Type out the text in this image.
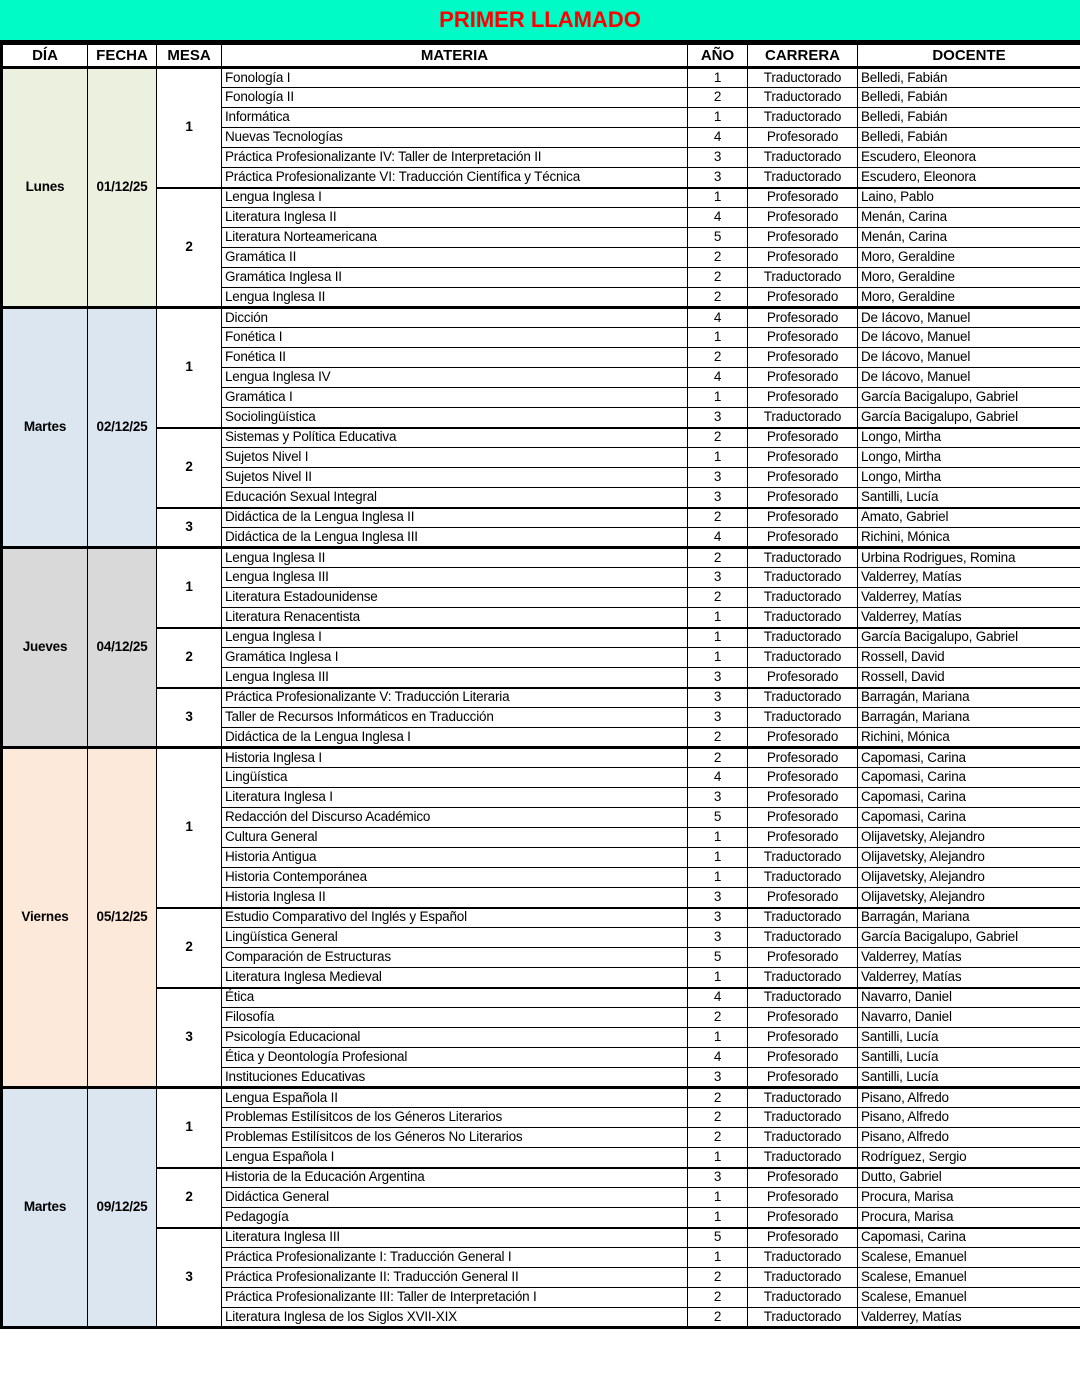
PRIMER LLAMADO
DÍA	FECHA	MESA	MATERIA	AÑO	CARRERA	DOCENTE
Lunes	01/12/25	1	Fonología I	1	Traductorado	Belledi, Fabián
			Fonología II	2	Traductorado	Belledi, Fabián
			Informática	1	Traductorado	Belledi, Fabián
			Nuevas Tecnologías	4	Profesorado	Belledi, Fabián
			Práctica Profesionalizante IV: Taller de Interpretación II	3	Traductorado	Escudero, Eleonora
			Práctica Profesionalizante VI: Traducción Científica y Técnica	3	Traductorado	Escudero, Eleonora
		2	Lengua Inglesa I	1	Profesorado	Laino, Pablo
			Literatura Inglesa II	4	Profesorado	Menán, Carina
			Literatura Norteamericana	5	Profesorado	Menán, Carina
			Gramática II	2	Profesorado	Moro, Geraldine
			Gramática Inglesa II	2	Traductorado	Moro, Geraldine
			Lengua Inglesa II	2	Profesorado	Moro, Geraldine
Martes	02/12/25	1	Dicción	4	Profesorado	De Iácovo, Manuel
			Fonética I	1	Profesorado	De Iácovo, Manuel
			Fonética II	2	Profesorado	De Iácovo, Manuel
			Lengua Inglesa IV	4	Profesorado	De Iácovo, Manuel
			Gramática I	1	Profesorado	García Bacigalupo, Gabriel
			Sociolingüística	3	Traductorado	García Bacigalupo, Gabriel
		2	Sistemas y Política Educativa	2	Profesorado	Longo, Mirtha
			Sujetos Nivel I	1	Profesorado	Longo, Mirtha
			Sujetos Nivel II	3	Profesorado	Longo, Mirtha
			Educación Sexual Integral	3	Profesorado	Santilli, Lucía
		3	Didáctica de la Lengua Inglesa II	2	Profesorado	Amato, Gabriel
			Didáctica de la Lengua Inglesa III	4	Profesorado	Richini, Mónica
Jueves	04/12/25	1	Lengua Inglesa II	2	Traductorado	Urbina Rodrigues, Romina
			Lengua Inglesa III	3	Traductorado	Valderrey, Matías
			Literatura Estadounidense	2	Traductorado	Valderrey, Matías
			Literatura Renacentista	1	Traductorado	Valderrey, Matías
		2	Lengua Inglesa I	1	Traductorado	García Bacigalupo, Gabriel
			Gramática Inglesa I	1	Traductorado	Rossell, David
			Lengua Inglesa III	3	Profesorado	Rossell, David
		3	Práctica Profesionalizante V: Traducción Literaria	3	Traductorado	Barragán, Mariana
			Taller de Recursos Informáticos en Traducción	3	Traductorado	Barragán, Mariana
			Didáctica de la Lengua Inglesa I	2	Profesorado	Richini, Mónica
Viernes	05/12/25	1	Historia Inglesa I	2	Profesorado	Capomasi, Carina
			Lingüística	4	Profesorado	Capomasi, Carina
			Literatura Inglesa I	3	Profesorado	Capomasi, Carina
			Redacción del Discurso Académico	5	Profesorado	Capomasi, Carina
			Cultura General	1	Profesorado	Olijavetsky, Alejandro
			Historia Antigua	1	Traductorado	Olijavetsky, Alejandro
			Historia Contemporánea	1	Traductorado	Olijavetsky, Alejandro
			Historia Inglesa II	3	Profesorado	Olijavetsky, Alejandro
		2	Estudio Comparativo del Inglés y Español	3	Traductorado	Barragán, Mariana
			Lingüística General	3	Traductorado	García Bacigalupo, Gabriel
			Comparación de Estructuras	5	Profesorado	Valderrey, Matías
			Literatura Inglesa Medieval	1	Traductorado	Valderrey, Matías
		3	Ética	4	Traductorado	Navarro, Daniel
			Filosofía	2	Profesorado	Navarro, Daniel
			Psicología Educacional	1	Profesorado	Santilli, Lucía
			Ética y Deontología Profesional	4	Profesorado	Santilli, Lucía
			Instituciones Educativas	3	Profesorado	Santilli, Lucía
Martes	09/12/25	1	Lengua Española II	2	Traductorado	Pisano, Alfredo
			Problemas Estilísitcos de los Géneros Literarios	2	Traductorado	Pisano, Alfredo
			Problemas Estilísitcos de los Géneros No Literarios	2	Traductorado	Pisano, Alfredo
			Lengua Española I	1	Traductorado	Rodríguez, Sergio
		2	Historia de la Educación Argentina	3	Profesorado	Dutto, Gabriel
			Didáctica General	1	Profesorado	Procura, Marisa
			Pedagogía	1	Profesorado	Procura, Marisa
		3	Literatura Inglesa III	5	Profesorado	Capomasi, Carina
			Práctica Profesionalizante I: Traducción General I	1	Traductorado	Scalese, Emanuel
			Práctica Profesionalizante II: Traducción General II	2	Traductorado	Scalese, Emanuel
			Práctica Profesionalizante III: Taller de Interpretación I	2	Traductorado	Scalese, Emanuel
			Literatura Inglesa de los Siglos XVII-XIX	2	Traductorado	Valderrey, Matías
